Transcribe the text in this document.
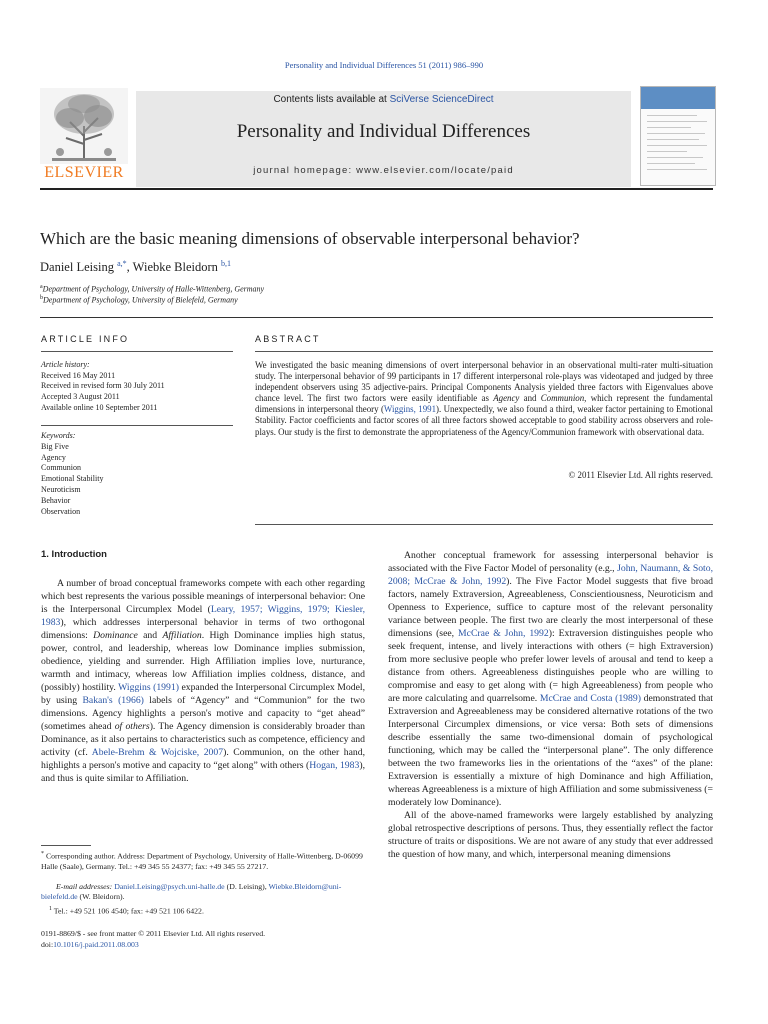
Personality and Individual Differences 51 (2011) 986–990
Contents lists available at SciVerse ScienceDirect
Personality and Individual Differences
journal homepage: www.elsevier.com/locate/paid
ELSEVIER
Which are the basic meaning dimensions of observable interpersonal behavior?
Daniel Leising $^{a,*}$, Wiebke Bleidorn $^{b,1}$
$^a$Department of Psychology, University of Halle-Wittenberg, Germany
$^b$Department of Psychology, University of Bielefeld, Germany
ARTICLE INFO
Article history:
Received 16 May 2011
Received in revised form 30 July 2011
Accepted 3 August 2011
Available online 10 September 2011
Keywords:
Big Five
Agency
Communion
Emotional Stability
Neuroticism
Behavior
Observation
ABSTRACT
We investigated the basic meaning dimensions of overt interpersonal behavior in an observational multi-rater multi-situation study. The interpersonal behavior of 99 participants in 17 different interpersonal role-plays was videotaped and judged by three independent observers using 35 adjective-pairs. Principal Components Analysis yielded three factors with Eigenvalues above chance level. The first two factors were easily identifiable as Agency and Communion, which represent the fundamental dimensions in interpersonal theory (Wiggins, 1991). Unexpectedly, we also found a third, weaker factor pertaining to Emotional Stability. Factor coefficients and factor scores of all three factors showed acceptable to good stability across observers and role-plays. Our study is the first to demonstrate the appropriateness of the Agency/Communion framework with observational data.
© 2011 Elsevier Ltd. All rights reserved.
1. Introduction

A number of broad conceptual frameworks compete with each other regarding which best represents the various possible meanings of interpersonal behavior: One is the Interpersonal Circumplex Model (Leary, 1957; Wiggins, 1979; Kiesler, 1983), which addresses interpersonal behavior in terms of two orthogonal dimensions: Dominance and Affiliation. High Dominance implies high status, power, control, and leadership, whereas low Dominance implies submission, obedience, yielding and surrender. High Affiliation implies love, nurturance, warmth and intimacy, whereas low Affiliation implies coldness, distance, and (possibly) hostility. Wiggins (1991) expanded the Interpersonal Circumplex Model, by using Bakan's (1966) labels of “Agency” and “Communion” for the two dimensions. Agency highlights a person's motive and capacity to “get ahead” (sometimes ahead of others). The Agency dimension is considerably broader than Dominance, as it also pertains to characteristics such as competence, efficiency and activity (cf. Abele-Brehm & Wojciske, 2007). Communion, on the other hand, highlights a person's motive and capacity to “get along” with others (Hogan, 1983), and thus is quite similar to Affiliation.

Another conceptual framework for assessing interpersonal behavior is associated with the Five Factor Model of personality (e.g., John, Naumann, & Soto, 2008; McCrae & John, 1992). The Five Factor Model suggests that five broad factors, namely Extraversion, Agreeableness, Conscientiousness, Neuroticism and Openness to Experience, suffice to capture most of the relevant personality variance between people. The first two are clearly the most interpersonal of these dimensions (see, McCrae & John, 1992): Extraversion distinguishes people who seek frequent, intense, and lively interactions with others (= high Extraversion) from more seclusive people who prefer lower levels of arousal and tend to keep a distance from others. Agreeableness distinguishes people who are willing to compromise and easy to get along with (= high Agreeableness) from people who are more calculating and quarrelsome. McCrae and Costa (1989) demonstrated that Extraversion and Agreeableness may be considered alternative rotations of the two Interpersonal Circumplex dimensions, or vice versa: Both sets of dimensions describe essentially the same two-dimensional domain of psychological functioning, which may be called the “interpersonal plane”. The only difference between the two frameworks lies in the orientations of the “axes” of the plane: Extraversion is essentially a mixture of high Dominance and high Affiliation, whereas Agreeableness is a mixture of high Affiliation and some submissiveness (= moderately low Dominance).

All of the above-named frameworks were largely established by analyzing global retrospective descriptions of persons. Thus, they essentially reflect the factor structure of traits or dispositions. We are not aware of any study that ever addressed the question of how many, and which, interpersonal meaning dimensions

* Corresponding author. Address: Department of Psychology, University of Halle-Wittenberg, D-06099 Halle (Saale), Germany. Tel.: +49 345 55 24377; fax: +49 345 55 27217.
E-mail addresses: Daniel.Leising@psych.uni-halle.de (D. Leising), Wiebke.Bleidorn@uni-bielefeld.de (W. Bleidorn).
$^1$ Tel.: +49 521 106 4540; fax: +49 521 106 6422.
0191-8869/$ - see front matter © 2011 Elsevier Ltd. All rights reserved.
doi:10.1016/j.paid.2011.08.003
